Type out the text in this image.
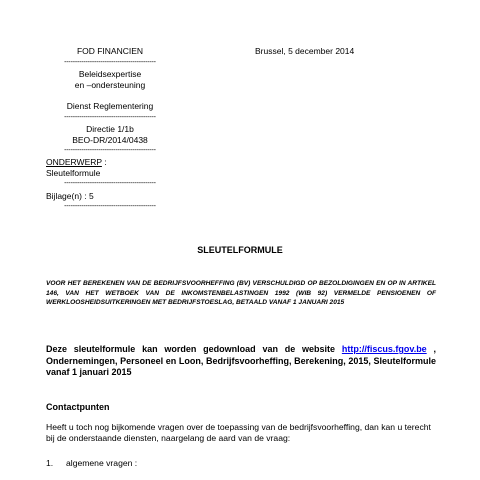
FOD FINANCIEN	Brussel, 5 december 2014
-------------------------------------------
Beleidsexpertise
en –ondersteuning
Dienst Reglementering
-------------------------------------------
Directie 1/1b
BEO-DR/2014/0438
-------------------------------------------
ONDERWERP :
Sleutelformule
-------------------------------------------
Bijlage(n) : 5
-------------------------------------------
SLEUTELFORMULE
VOOR HET BEREKENEN VAN DE BEDRIJFSVOORHEFFING (BV) VERSCHULDIGD OP BEZOLDIGINGEN EN OP IN ARTIKEL 146, VAN HET WETBOEK VAN DE INKOMSTENBELASTINGEN 1992 (WIB 92) VERMELDE PENSIOENEN OF WERKLOOSHEIDSUITKERINGEN MET BEDRIJFSTOESLAG, BETAALD VANAF 1 JANUARI 2015
Deze sleutelformule kan worden gedownload van de website http://fiscus.fgov.be , Ondernemingen, Personeel en Loon, Bedrijfsvoorheffing, Berekening, 2015, Sleutelformule vanaf 1 januari 2015
Contactpunten
Heeft u toch nog bijkomende vragen over de toepassing van de bedrijfsvoorheffing, dan kan u terecht bij de onderstaande diensten, naargelang de aard van de vraag:
1. algemene vragen :
